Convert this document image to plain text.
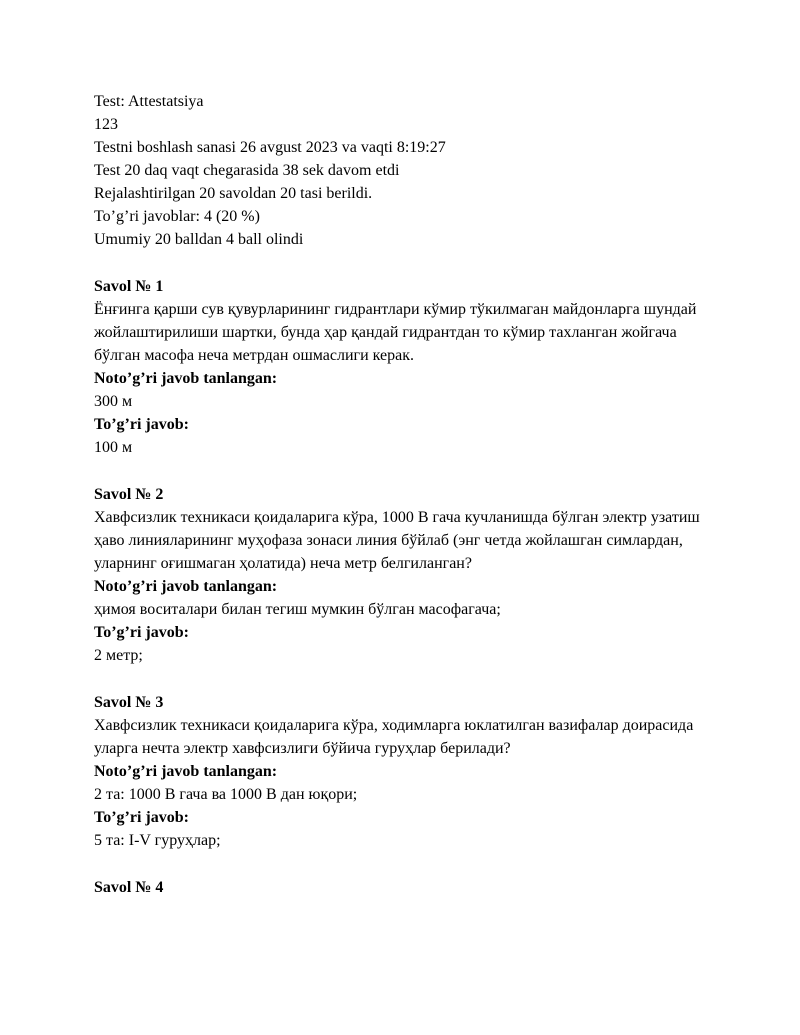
Test: Attestatsiya

123

Testni boshlash sanasi 26 avgust 2023 va vaqti 8:19:27

Test 20 daq vaqt chegarasida 38 sek davom etdi

Rejalashtirilgan 20 savoldan 20 tasi berildi.

To’g’ri javoblar: 4 (20 %)

Umumiy 20 balldan 4 ball olindi

Savol № 1

Ёнғинга қарши сув қувурларининг гидрантлари кўмир тўкилмаган майдонларга шундай жойлаштирилиши шартки, бунда ҳар қандай гидрантдан то кўмир тахланган жойгача бўлган масофа неча метрдан ошмаслиги керак.

Noto’g’ri javob tanlangan:

300 м

To’g’ri javob:

100 м

Savol № 2

Хавфсизлик техникаси қоидаларига кўра, 1000 В гача кучланишда бўлган электр узатиш ҳаво линияларининг муҳофаза зонаси линия бўйлаб (энг четда жойлашган симлардан, уларнинг оғишмаган ҳолатида) неча метр белгиланган?

Noto’g’ri javob tanlangan:

ҳимоя воситалари билан тегиш мумкин бўлган масофагача;

To’g’ri javob:

2 метр;

Savol № 3

Хавфсизлик техникаси қоидаларига кўра, ходимларга юклатилган вазифалар доирасида уларга нечта электр хавфсизлиги бўйича гуруҳлар берилади?

Noto’g’ri javob tanlangan:

2 та: 1000 В гача ва 1000 В дан юқори;

To’g’ri javob:

5 та: I-V гуруҳлар;

Savol № 4
